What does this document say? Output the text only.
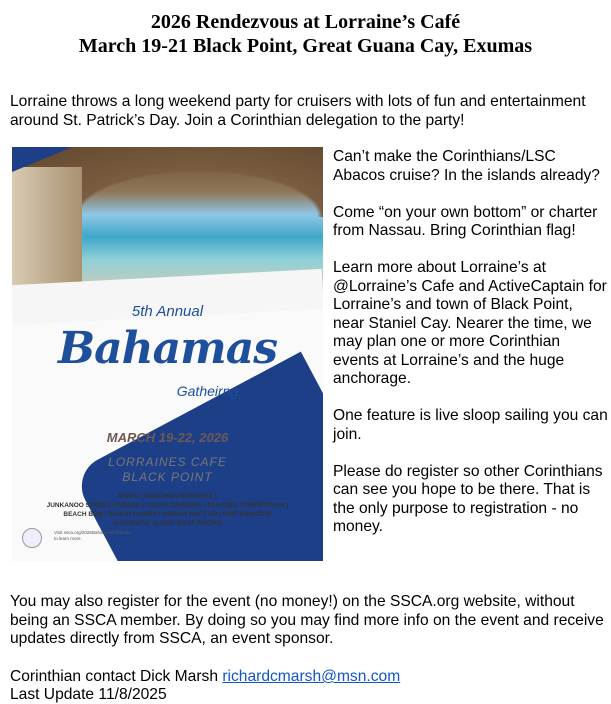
2026 Rendezvous at Lorraine’s Café
March 19-21 Black Point, Great Guana Cay, Exumas
Lorraine throws a long weekend party for cruisers with lots of fun and entertainment around St. Patrick’s Day. Join a Corinthian delegation to the party!
5th Annual
Bahamas
Gatheirng
MARCH 19-22, 2026
LORRAINES CAFE
BLACK POINT
MUSIC | DANCING | KARAOKE |
JUNKANOO STREET PARADE | YOUTH DANCERS | PLAITING COMPETITION |
BEACH BBQ | BEACH GAMES | DINGHY RAFT UP | FIRE DANCERS
AUTHENTIC SLOOP BOAT RACING
Visit ssca.org/2026BahamasGathering
to learn more.
Can’t make the Corinthians/LSC Abacos cruise? In the islands already?
Come “on your own bottom” or charter from Nassau. Bring Corinthian flag!
Learn more about Lorraine’s at @Lorraine’s Cafe and ActiveCaptain for Lorraine’s and town of Black Point, near Staniel Cay. Nearer the time, we may plan one or more Corinthian events at Lorraine’s and the huge anchorage.
One feature is live sloop sailing you can join.
Please do register so other Corinthians can see you hope to be there. That is the only purpose to registration - no money.
You may also register for the event (no money!) on the SSCA.org website, without being an SSCA member. By doing so you may find more info on the event and receive updates directly from SSCA, an event sponsor.
Corinthian contact Dick Marsh richardcmarsh@msn.com
Last Update 11/8/2025
